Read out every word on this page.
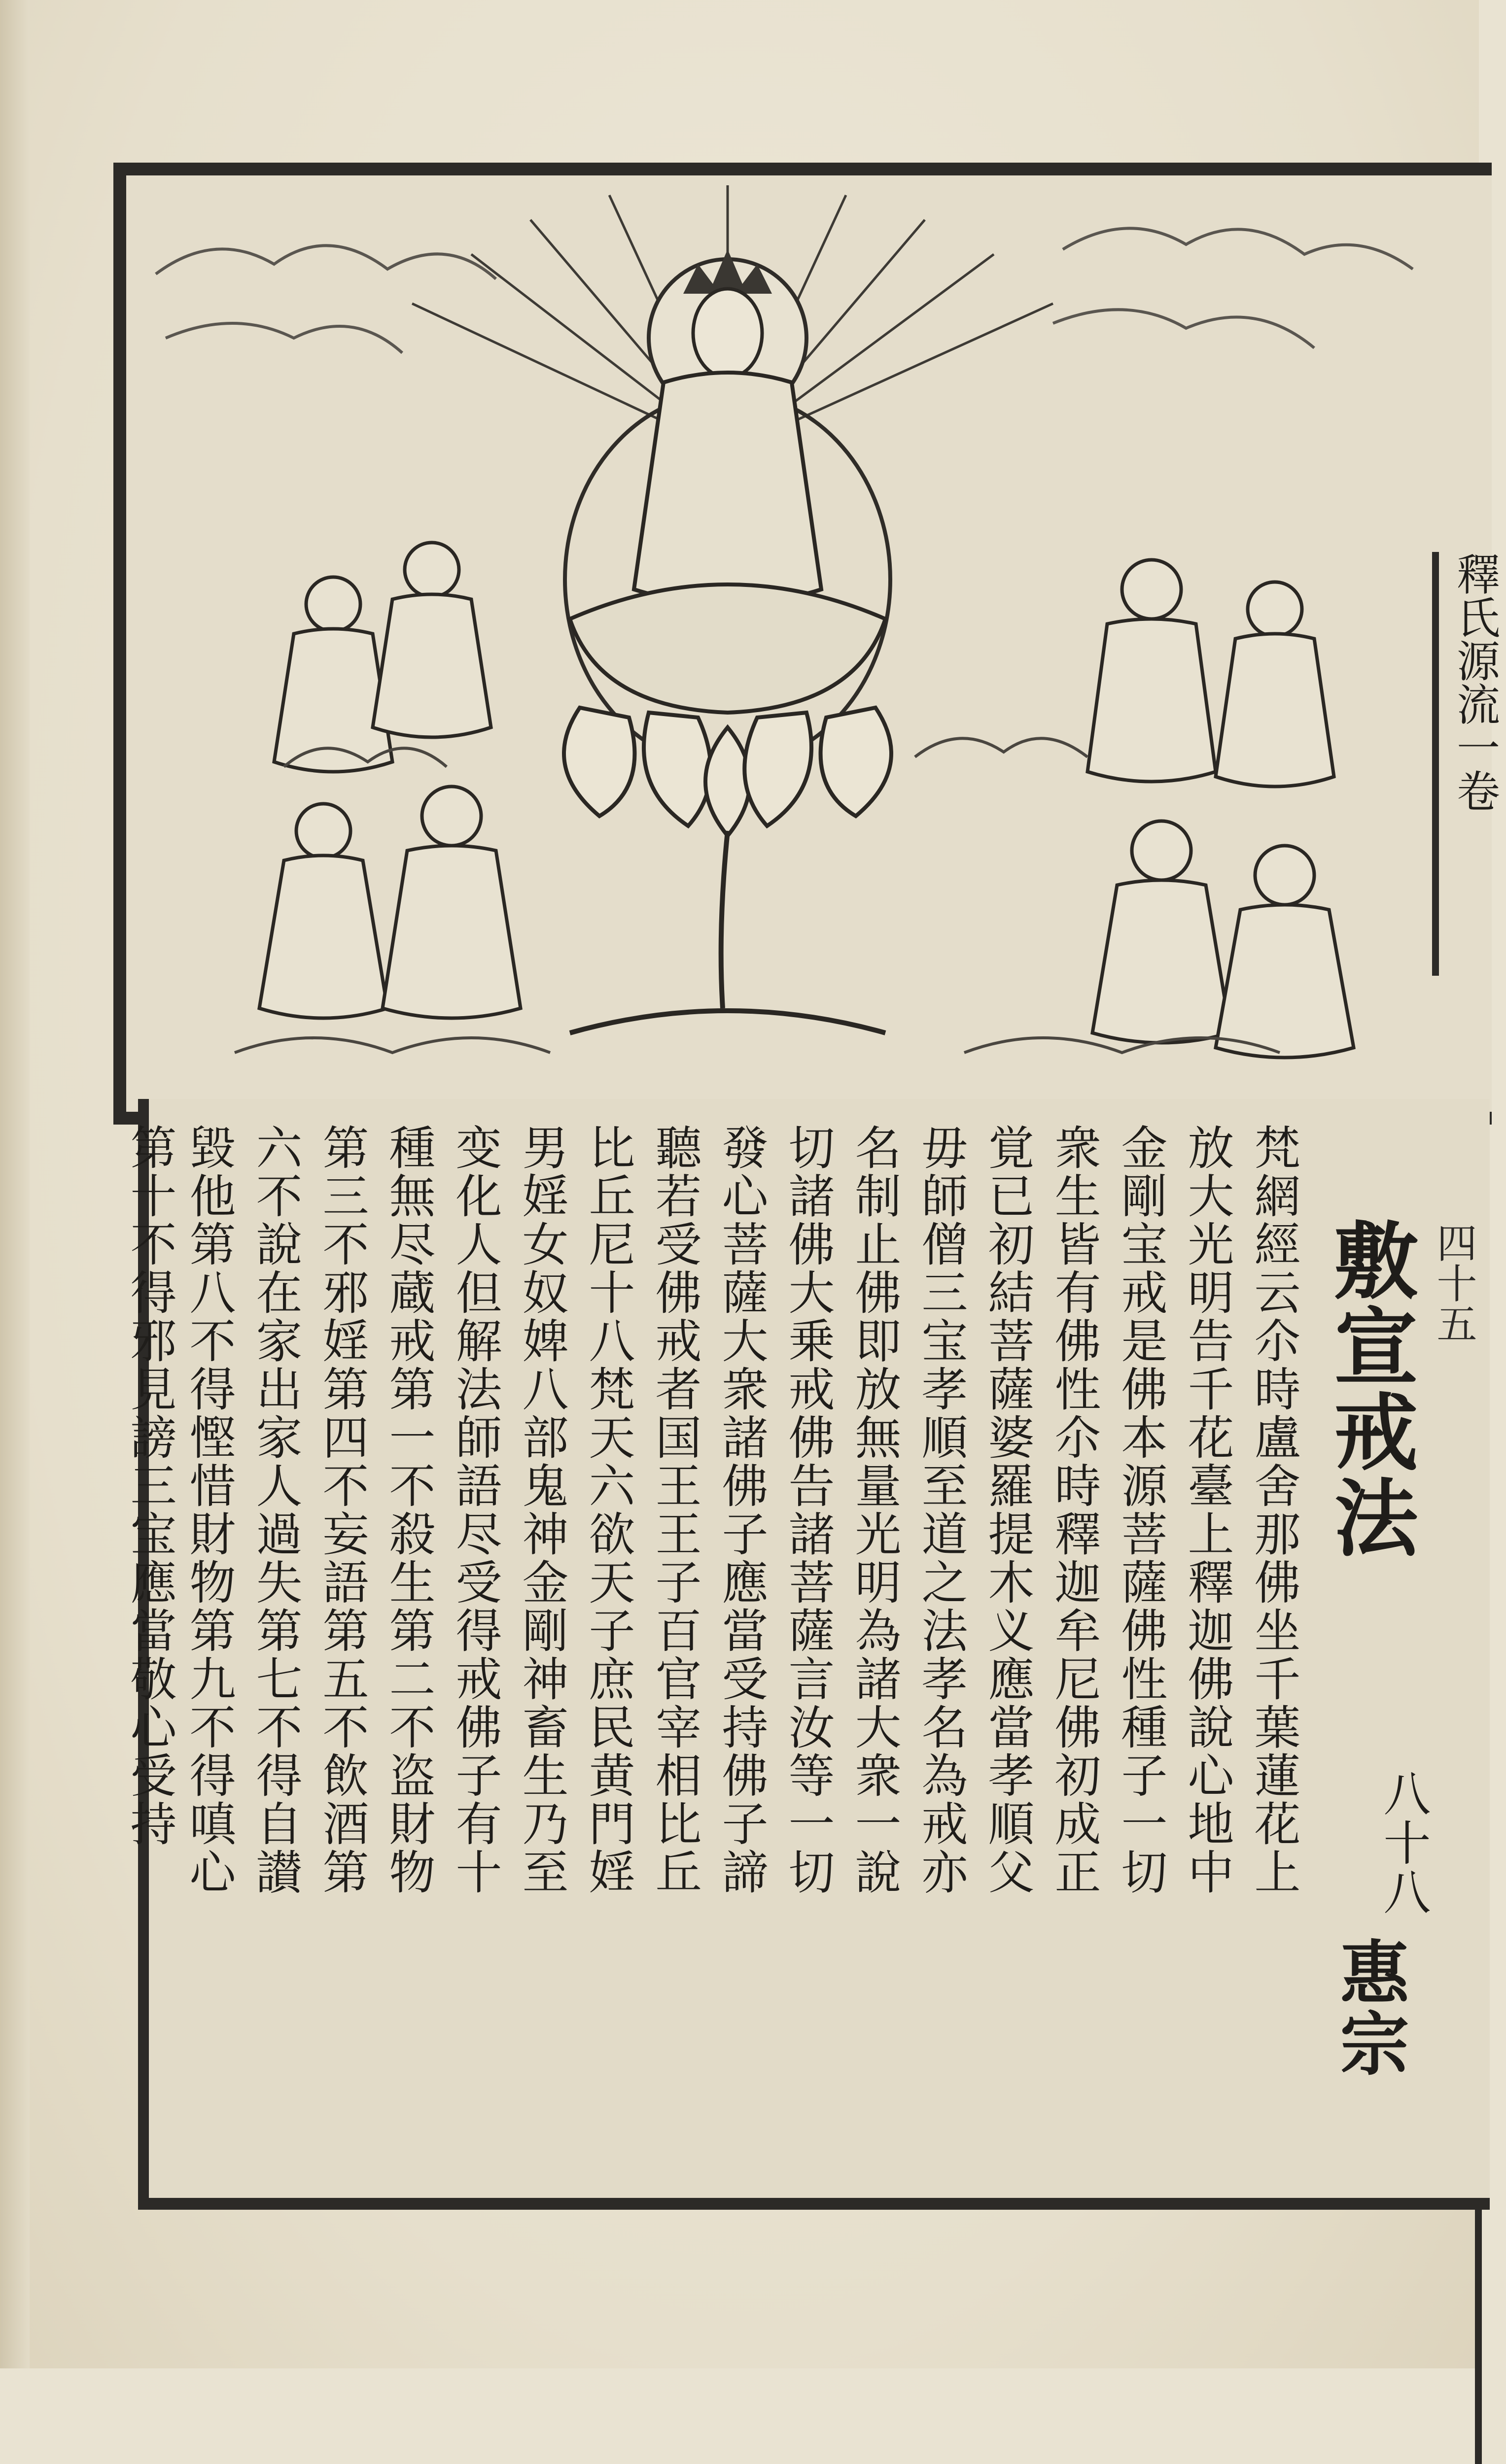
釋氏源流一卷
敷宣戒法
八十八
惠宗
梵網經云尒時盧舍那佛坐千葉蓮花上
放大光明告千花臺上釋迦佛說心地中
金剛宝戒是佛本源菩薩佛性種子一切
衆生皆有佛性尒時釋迦牟尼佛初成正
覚已初結菩薩婆羅提木义應當孝順父
毋師僧三宝孝順至道之法孝名為戒亦
名制止佛即放無量光明為諸大衆一說
切諸佛大乗戒佛告諸菩薩言汝等一切
發心菩薩大衆諸佛子應當受持佛子諦
聽若受佛戒者国王王子百官宰相比丘
比丘尼十八梵天六欲天子庶民黄門婬
男婬女奴婢八部鬼神金剛神畜生乃至
变化人但解法師語尽受得戒佛子有十
種無尽蔵戒第一不殺生第二不盗財物
第三不邪婬第四不妄語第五不飲酒第
六不說在家出家人過失第七不得自讃
毀他第八不得慳惜財物第九不得嗔心
第十不得邪見謗三宝應當敬心受持	四十五
